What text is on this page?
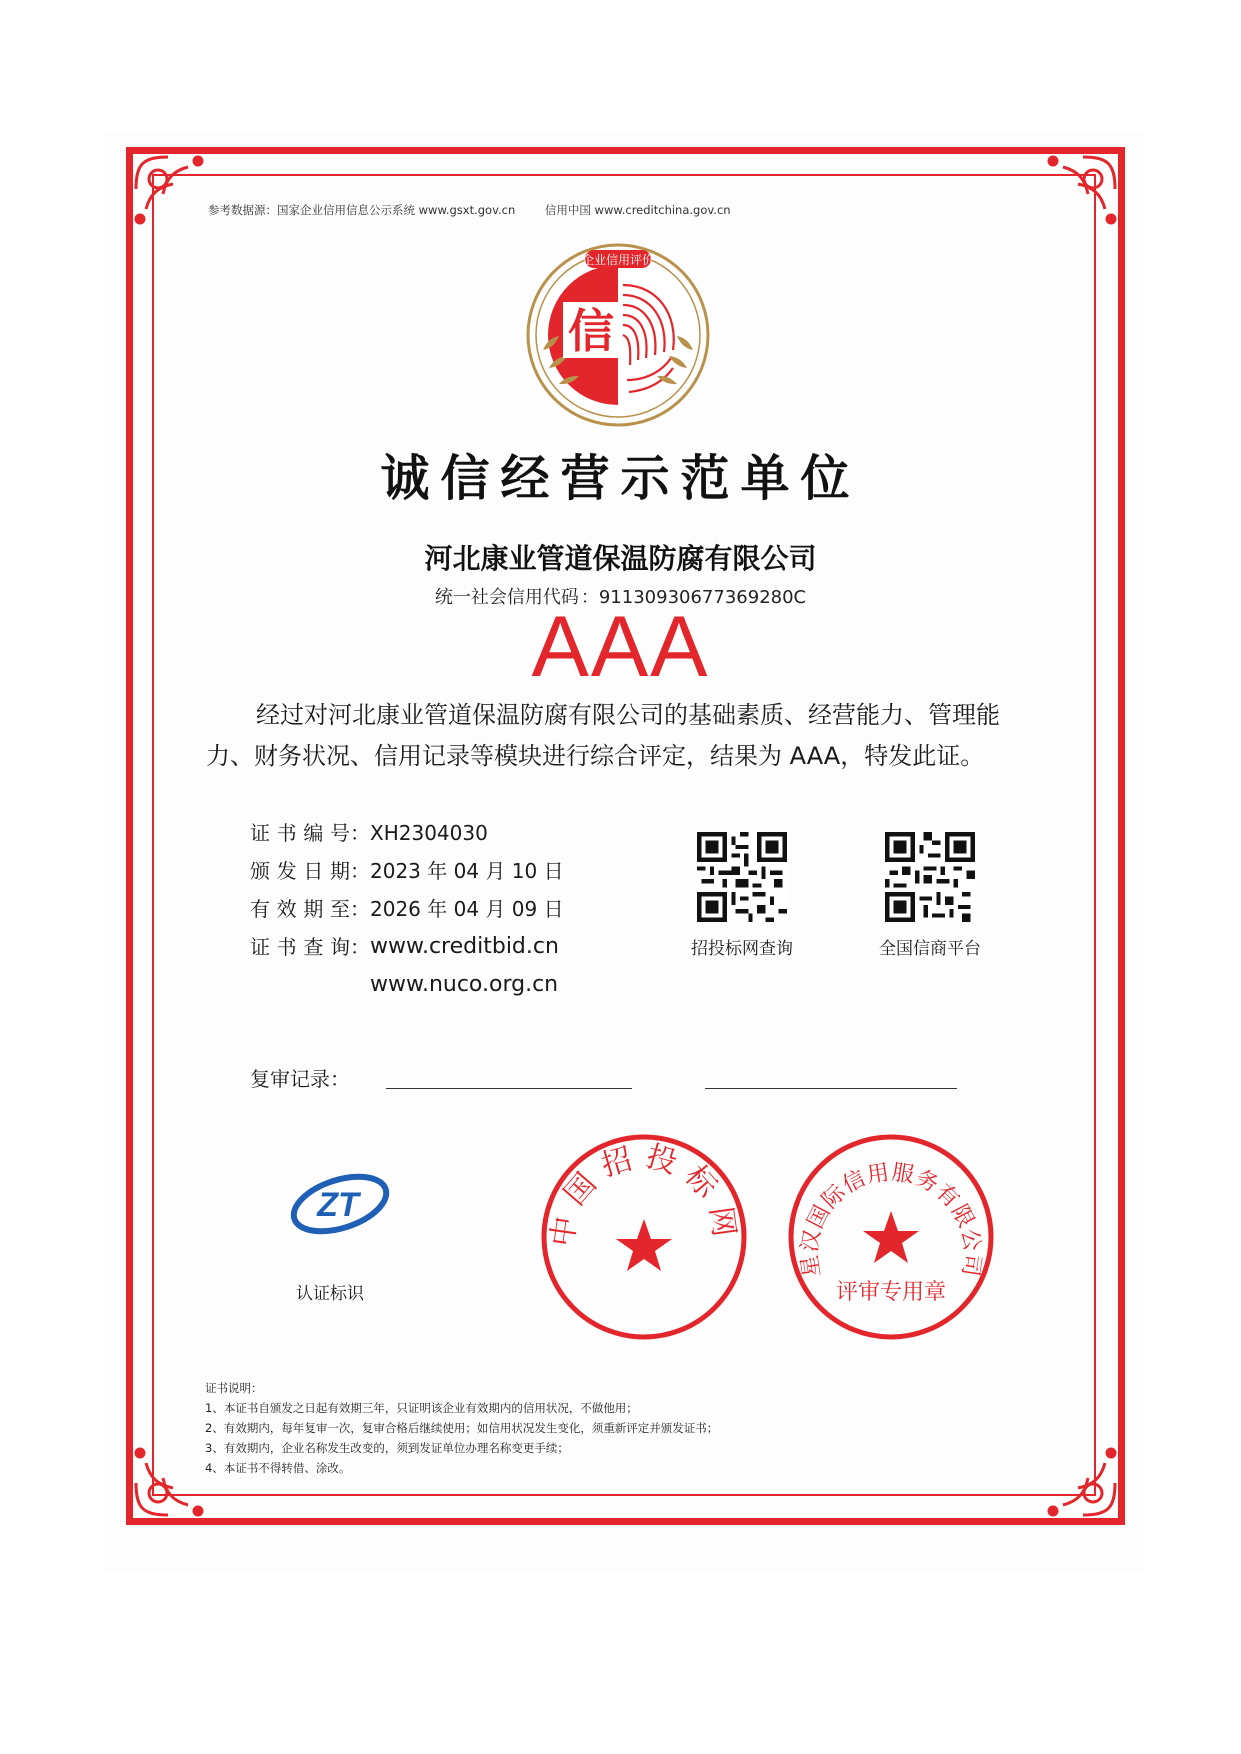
参考数据源：国家企业信用信息公示系统 www.gsxt.gov.cn	信用中国 www.creditchina.gov.cn
企业信用评价
信
诚信经营示范单位
河北康业管道保温防腐有限公司
统一社会信用代码 ：91130930677369280C
AAA
经过对河北康业管道保温防腐有限公司的基础素质、经营能力、管理能力、财务状况、信用记录等模块进行综合评定，结果为 AAA，特发此证。
证书编号 ： XH2304030
颁发日期 ： 2023 年 04 月 10 日
有效期至 ： 2026 年 04 月 09 日
证书查询 ： www.creditbid.cn
www.nuco.org.cn
招投标网查询	全国信商平台
复审记录：
ZT
认证标识
中国招投标网
星汉国际信用服务有限公司
评审专用章
证书说明：
1、本证书自颁发之日起有效期三年，只证明该企业有效期内的信用状况，不做他用；
2、有效期内，每年复审一次，复审合格后继续使用；如信用状况发生变化，须重新评定并颁发证书；
3、有效期内，企业名称发生改变的，须到发证单位办理名称变更手续；
4、本证书不得转借、涂改。
